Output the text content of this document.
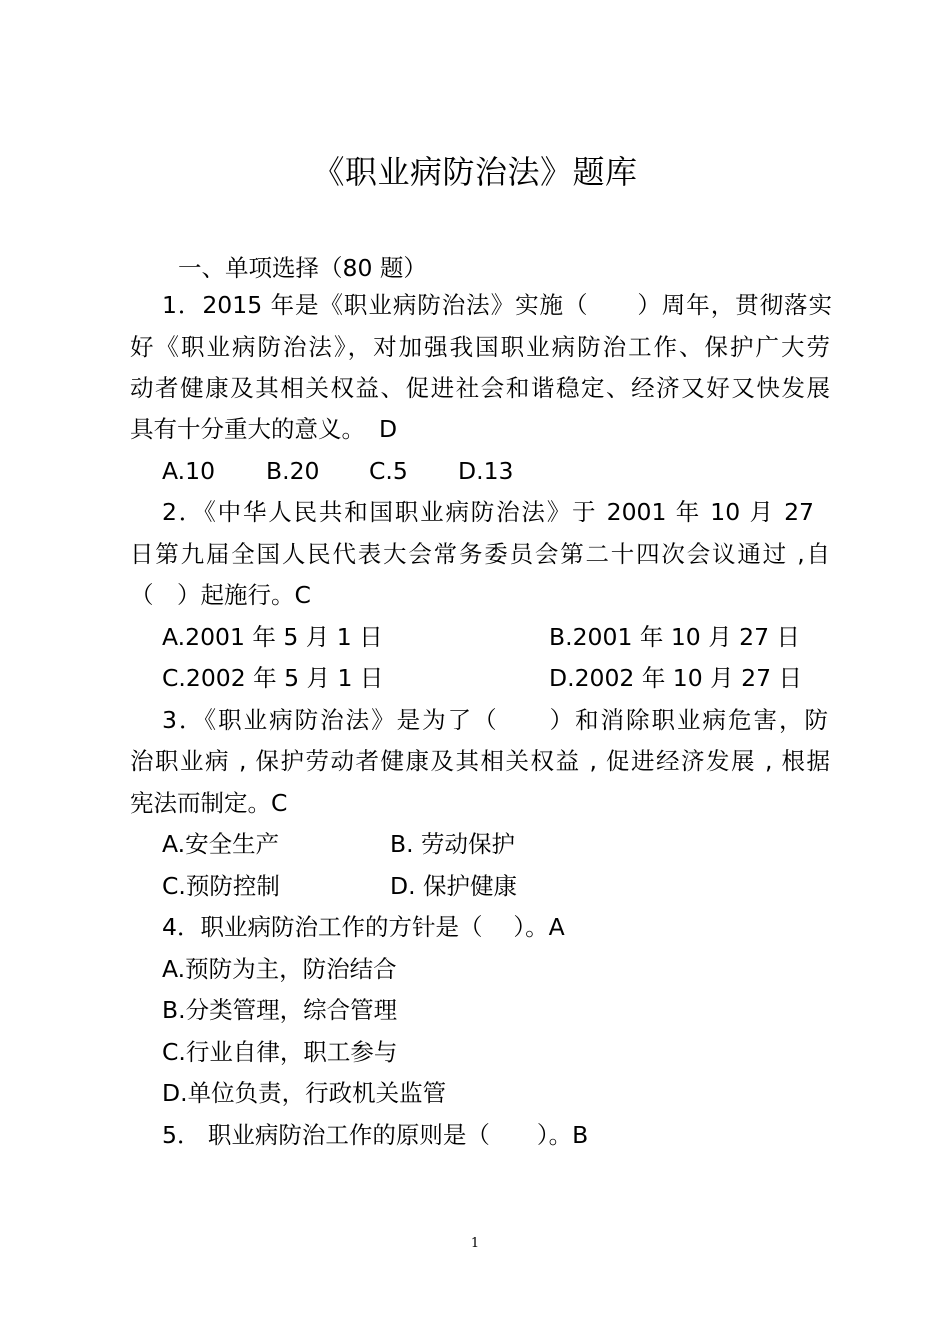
《职业病防治法》题库
一、单项选择（80 题）
1．2015 年是《职业病防治法》实施（　　）周年，贯彻落实
好《职业病防治法》，对加强我国职业病防治工作、保护广大劳
动者健康及其相关权益、促进社会和谐稳定、经济又好又快发展
具有十分重大的意义。 D
A.10 B.20 C.5 D.13
2．《中华人民共和国职业病防治法》于 2001 年 10 月 27
日第九届全国人民代表大会常务委员会第二十四次会议通过 ,自
（　）起施行。C
A.2001 年 5 月 1 日	B.2001 年 10 月 27 日
C.2002 年 5 月 1 日	D.2002 年 10 月 27 日
3．《职业病防治法》是为了（　　）和消除职业病危害，防
治职业病 , 保护劳动者健康及其相关权益 , 促进经济发展 , 根据
宪法而制定。C
A.安全生产	B. 劳动保护
C.预防控制	D. 保护健康
4．职业病防治工作的方针是（　 ）。A
A.预防为主，防治结合
B.分类管理，综合管理
C.行业自律，职工参与
D.单位负责，行政机关监管
5． 职业病防治工作的原则是（　　）。B
1
